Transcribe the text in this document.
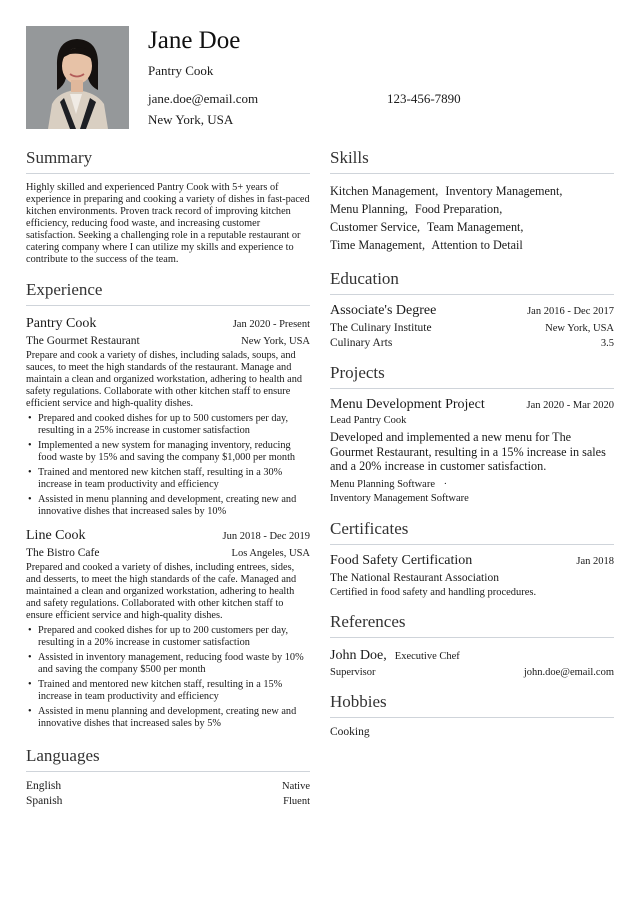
Jane Doe
Pantry Cook
jane.doe@email.com	123-456-7890
New York, USA
Summary
Highly skilled and experienced Pantry Cook with 5+ years of experience in preparing and cooking a variety of dishes in fast-paced kitchen environments. Proven track record of improving kitchen efficiency, reducing food waste, and increasing customer satisfaction. Seeking a challenging role in a reputable restaurant or catering company where I can utilize my skills and experience to contribute to the success of the team.
Experience
Pantry Cook	Jan 2020 - Present
The Gourmet Restaurant	New York, USA
Prepare and cook a variety of dishes, including salads, soups, and sauces, to meet the high standards of the restaurant. Manage and maintain a clean and organized workstation, adhering to health and safety regulations. Collaborate with other kitchen staff to ensure efficient service and high-quality dishes.
• Prepared and cooked dishes for up to 500 customers per day, resulting in a 25% increase in customer satisfaction
• Implemented a new system for managing inventory, reducing food waste by 15% and saving the company $1,000 per month
• Trained and mentored new kitchen staff, resulting in a 30% increase in team productivity and efficiency
• Assisted in menu planning and development, creating new and innovative dishes that increased sales by 10%
Line Cook	Jun 2018 - Dec 2019
The Bistro Cafe	Los Angeles, USA
Prepared and cooked a variety of dishes, including entrees, sides, and desserts, to meet the high standards of the cafe. Managed and maintained a clean and organized workstation, adhering to health and safety regulations. Collaborated with other kitchen staff to ensure efficient service and high-quality dishes.
• Prepared and cooked dishes for up to 200 customers per day, resulting in a 20% increase in customer satisfaction
• Assisted in inventory management, reducing food waste by 10% and saving the company $500 per month
• Trained and mentored new kitchen staff, resulting in a 15% increase in team productivity and efficiency
• Assisted in menu planning and development, creating new and innovative dishes that increased sales by 5%
Languages
English	Native
Spanish	Fluent
Skills
Kitchen Management, Inventory Management,
Menu Planning, Food Preparation,
Customer Service, Team Management,
Time Management, Attention to Detail
Education
Associate's Degree	Jan 2016 - Dec 2017
The Culinary Institute	New York, USA
Culinary Arts	3.5
Projects
Menu Development Project	Jan 2020 - Mar 2020
Lead Pantry Cook
Developed and implemented a new menu for The Gourmet Restaurant, resulting in a 15% increase in sales and a 20% increase in customer satisfaction.
Menu Planning Software ·
Inventory Management Software
Certificates
Food Safety Certification	Jan 2018
The National Restaurant Association
Certified in food safety and handling procedures.
References
John Doe, Executive Chef
Supervisor	john.doe@email.com
Hobbies
Cooking
